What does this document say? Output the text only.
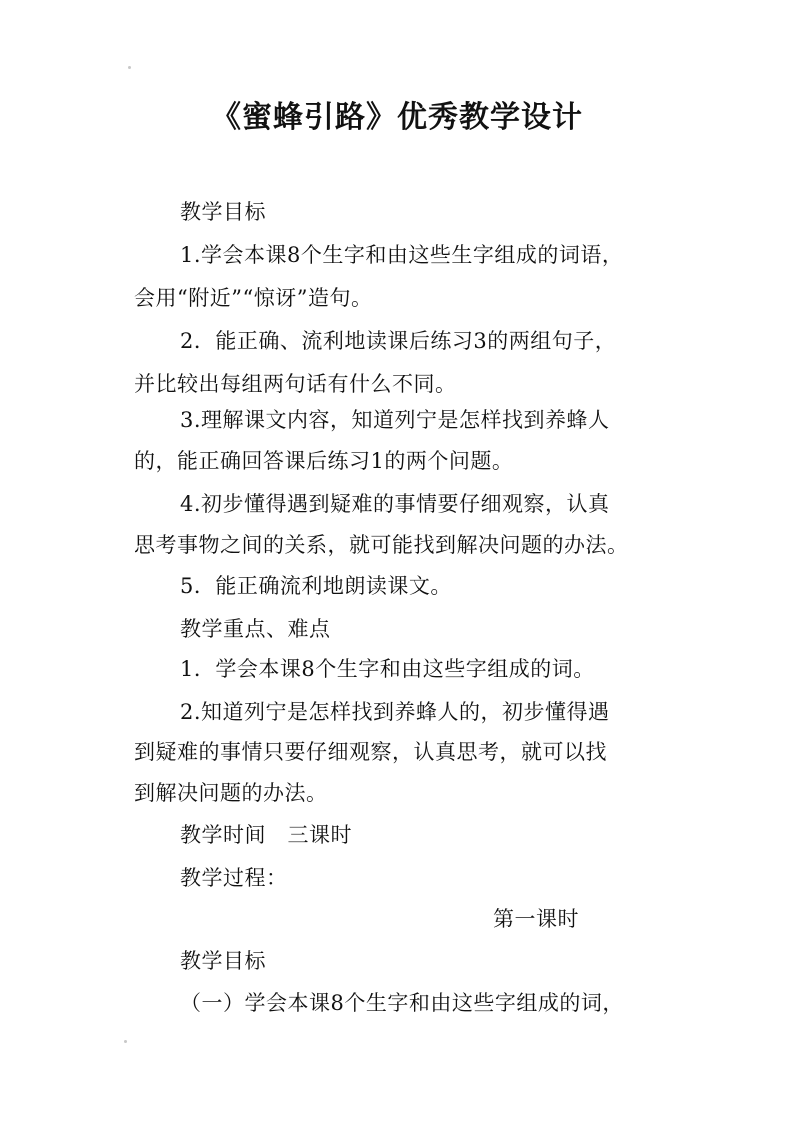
《蜜蜂引路》优秀教学设计

教学目标

1.学会本课8个生字和由这些生字组成的词语，

会用“附近”“惊讶”造句。

2．能正确、流利地读课后练习3的两组句子，

并比较出每组两句话有什么不同。

3.理解课文内容，知道列宁是怎样找到养蜂人

的，能正确回答课后练习1的两个问题。

4.初步懂得遇到疑难的事情要仔细观察，认真

思考事物之间的关系，就可能找到解决问题的办法。

5．能正确流利地朗读课文。

教学重点、难点

1．学会本课8个生字和由这些字组成的词。

2.知道列宁是怎样找到养蜂人的，初步懂得遇

到疑难的事情只要仔细观察，认真思考，就可以找

到解决问题的办法。

教学时间　三课时

教学过程：

第一课时

教学目标

（一）学会本课8个生字和由这些字组成的词，
